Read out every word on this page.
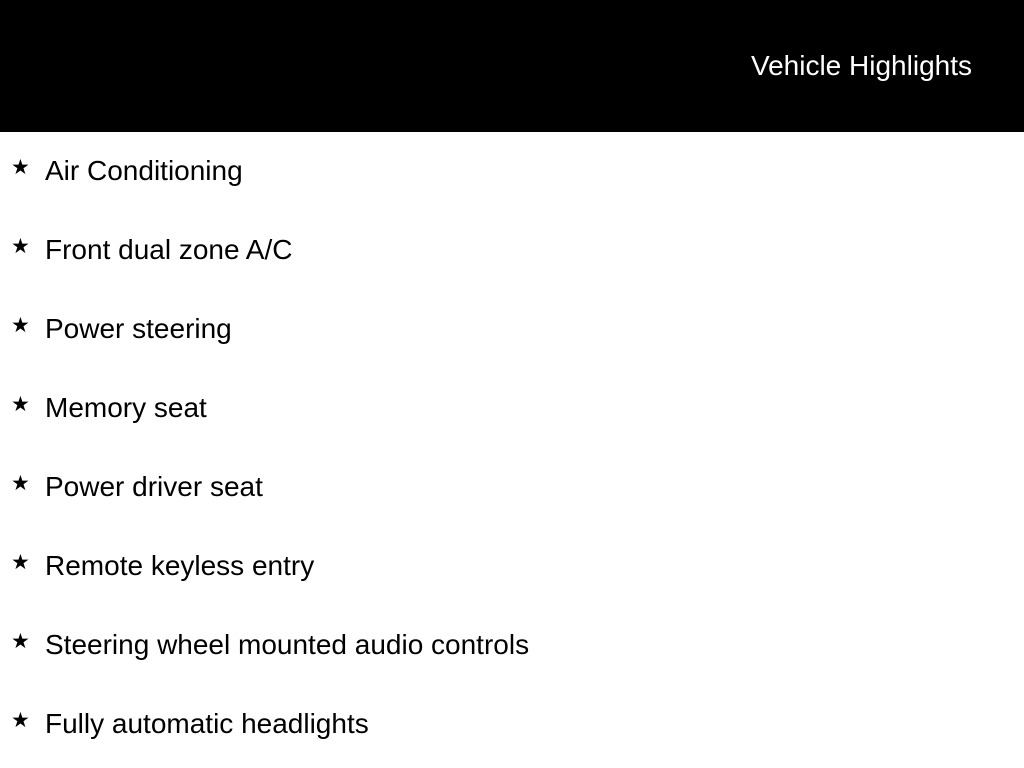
Vehicle Highlights
★ Air Conditioning
★ Front dual zone A/C
★ Power steering
★ Memory seat
★ Power driver seat
★ Remote keyless entry
★ Steering wheel mounted audio controls
★ Fully automatic headlights
